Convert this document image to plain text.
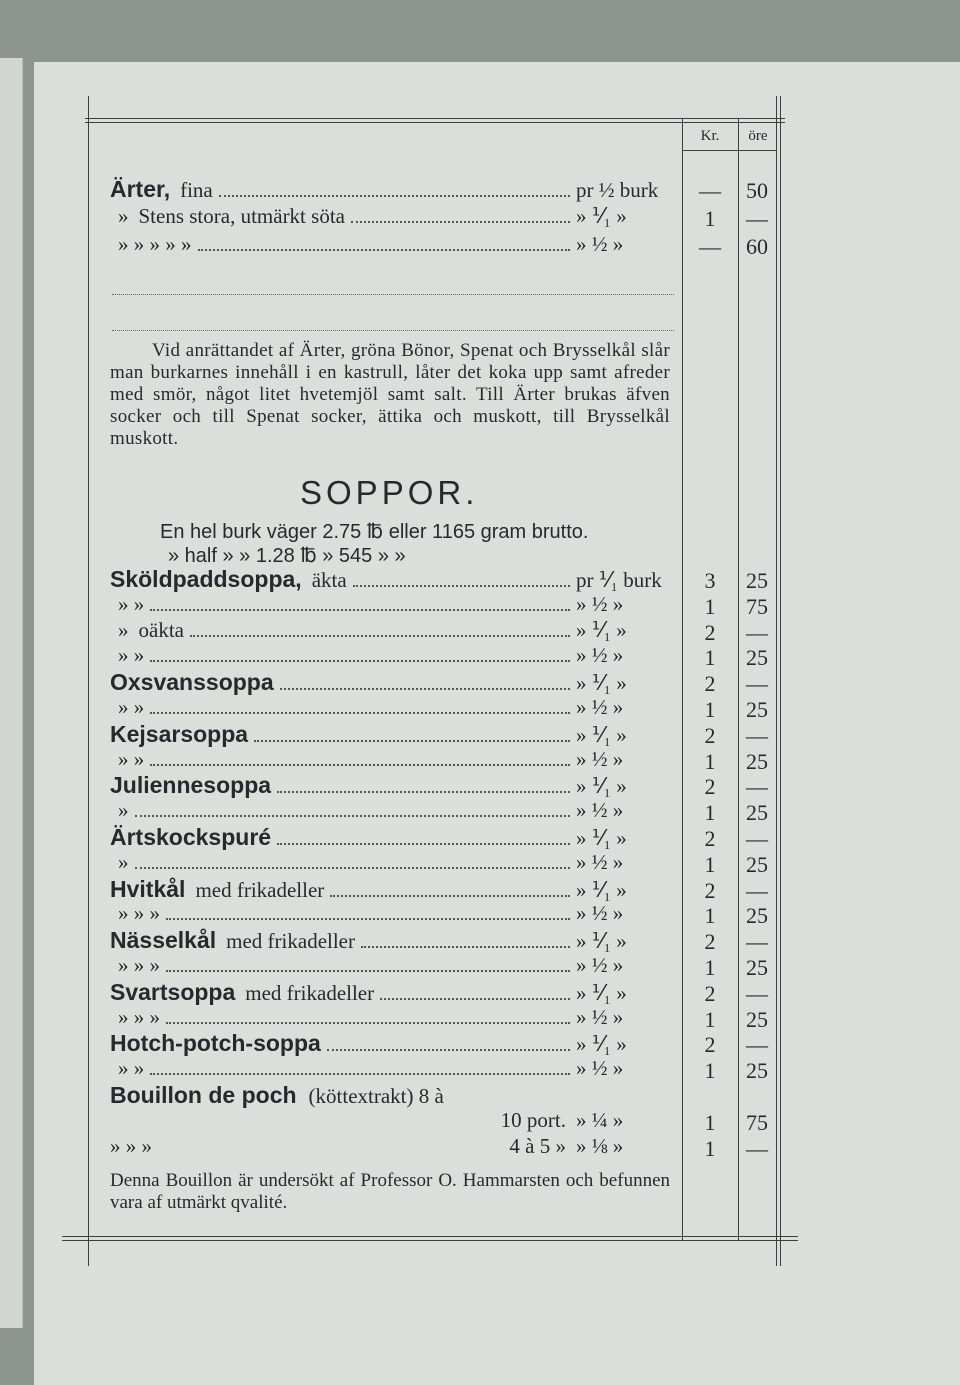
Kr.	öre
Ärter, fina	pr ½ burk	—	50
» Stens stora, utmärkt söta	» ⅟₁ »	1	—
» » » » »	» ½ »	—	60
Vid anrättandet af Ärter, gröna Bönor, Spenat och Brysselkål slår man burkarnes innehåll i en kastrull, låter det koka upp samt afreder med smör, något litet hvetemjöl samt salt. Till Ärter brukas äfven socker och till Spenat socker, ättika och muskott, till Brysselkål muskott.
SOPPOR.
En hel burk väger 2.75 ℔ eller 1165 gram brutto.
» half » » 1.28 ℔ » 545 » »
Sköldpaddsoppa, äkta	pr ⅟₁ burk	3	25
» »	» ½ »	1	75
» oäkta	» ⅟₁ »	2	—
» »	» ½ »	1	25
Oxsvanssoppa	» ⅟₁ »	2	—
» »	» ½ »	1	25
Kejsarsoppa	» ⅟₁ »	2	—
» »	» ½ »	1	25
Juliennesoppa	» ⅟₁ »	2	—
»	» ½ »	1	25
Ärtskockspuré	» ⅟₁ »	2	—
»	» ½ »	1	25
Hvitkål med frikadeller	» ⅟₁ »	2	—
» » »	» ½ »	1	25
Nässelkål med frikadeller	» ⅟₁ »	2	—
» » »	» ½ »	1	25
Svartsoppa med frikadeller	» ⅟₁ »	2	—
» » »	» ½ »	1	25
Hotch-potch-soppa	» ⅟₁ »	2	—
» »	» ½ »	1	25
Bouillon de poch (köttextrakt) 8 à
10 port. » ¼ »	1	75
» » »	4 à 5 » » ⅛ »	1	—
Denna Bouillon är undersökt af Professor O. Hammarsten och befunnen vara af utmärkt qvalité.
